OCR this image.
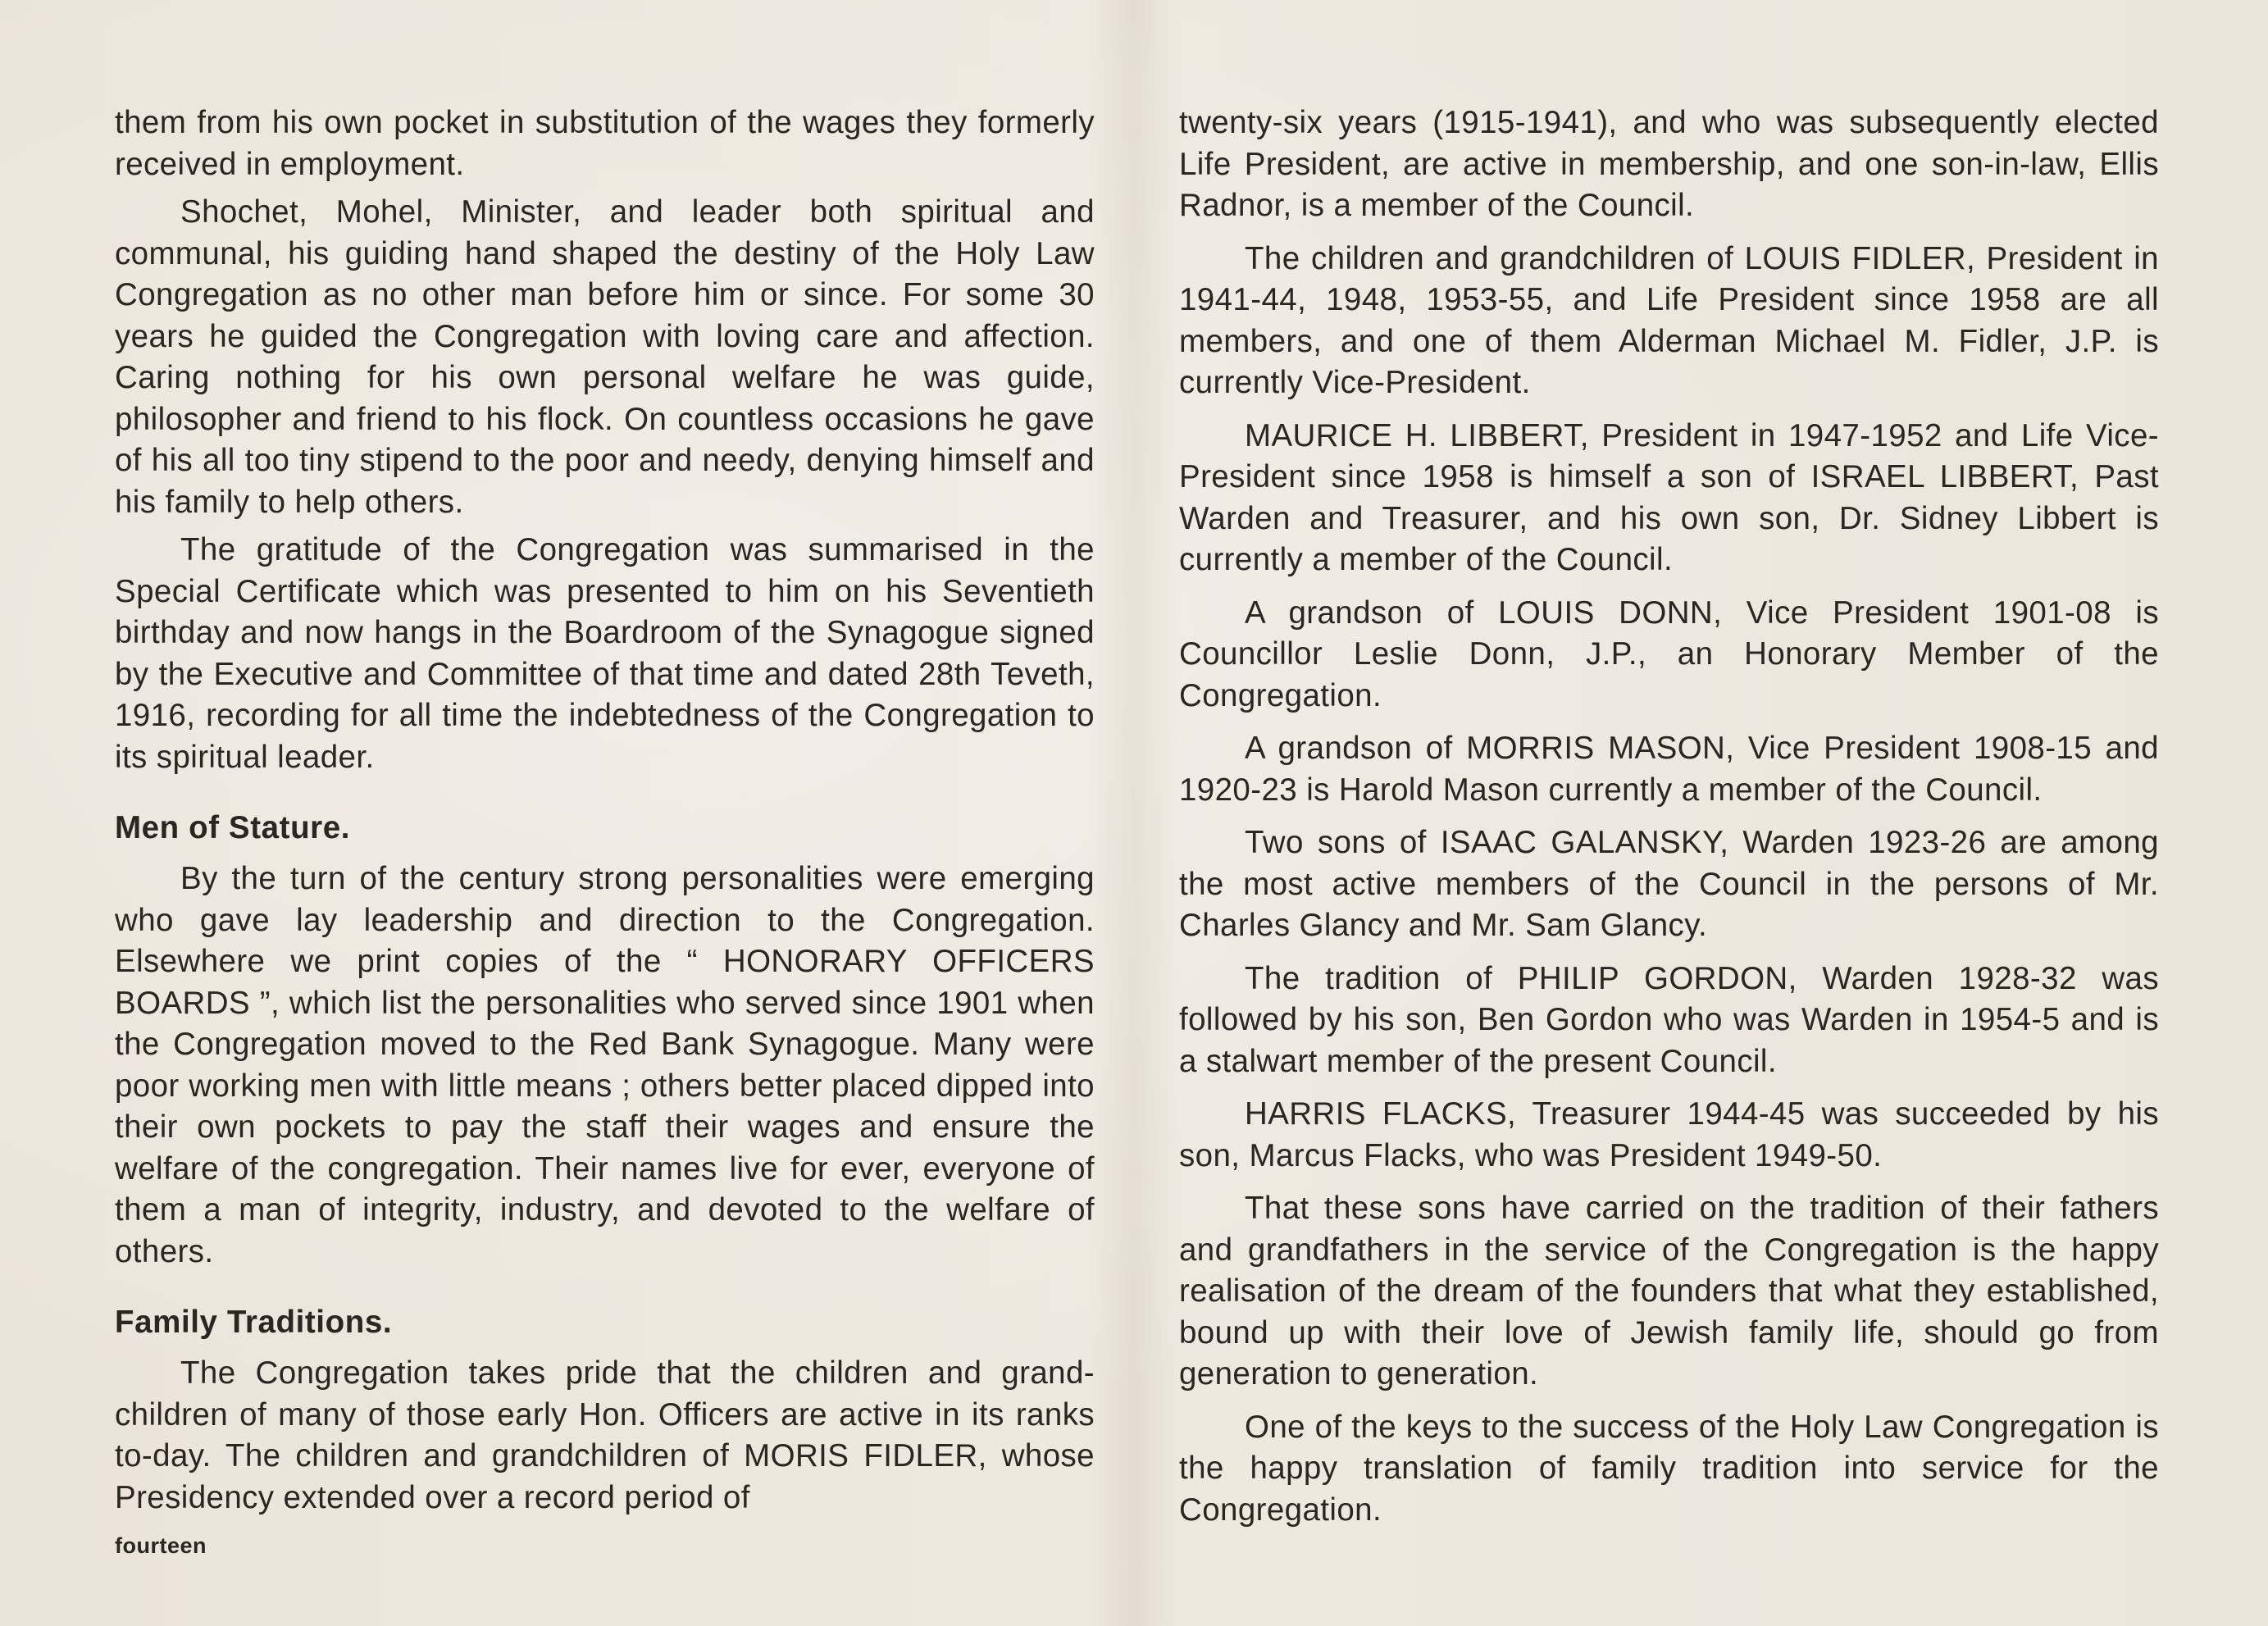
them from his own pocket in substitution of the wages they formerly received in employment.

Shochet, Mohel, Minister, and leader both spiritual and communal, his guiding hand shaped the destiny of the Holy Law Congregation as no other man before him or since. For some 30 years he guided the Congregation with loving care and affection. Caring nothing for his own personal welfare he was guide, philosopher and friend to his flock. On countless occasions he gave of his all too tiny stipend to the poor and needy, denying himself and his family to help others.

The gratitude of the Congregation was summarised in the Special Certificate which was presented to him on his Seventieth birthday and now hangs in the Boardroom of the Synagogue signed by the Executive and Committee of that time and dated 28th Teveth, 1916, recording for all time the indebtedness of the Congregation to its spiritual leader.

Men of Stature.

By the turn of the century strong personalities were emerging who gave lay leadership and direction to the Congregation. Elsewhere we print copies of the “ HONORARY OFFICERS BOARDS ”, which list the personalities who served since 1901 when the Congregation moved to the Red Bank Synagogue. Many were poor working men with little means ; others better placed dipped into their own pockets to pay the staff their wages and ensure the welfare of the congregation. Their names live for ever, everyone of them a man of integrity, industry, and devoted to the welfare of others.

Family Traditions.

The Congregation takes pride that the children and grand-children of many of those early Hon. Officers are active in its ranks to-day. The children and grandchildren of MORIS FIDLER, whose Presidency extended over a record period of

twenty-six years (1915-1941), and who was subsequently elected Life President, are active in membership, and one son-in-law, Ellis Radnor, is a member of the Council.

The children and grandchildren of LOUIS FIDLER, President in 1941-44, 1948, 1953-55, and Life President since 1958 are all members, and one of them Alderman Michael M. Fidler, J.P. is currently Vice-President.

MAURICE H. LIBBERT, President in 1947-1952 and Life Vice-President since 1958 is himself a son of ISRAEL LIBBERT, Past Warden and Treasurer, and his own son, Dr. Sidney Libbert is currently a member of the Council.

A grandson of LOUIS DONN, Vice President 1901-08 is Councillor Leslie Donn, J.P., an Honorary Member of the Congregation.

A grandson of MORRIS MASON, Vice President 1908-15 and 1920-23 is Harold Mason currently a member of the Council.

Two sons of ISAAC GALANSKY, Warden 1923-26 are among the most active members of the Council in the persons of Mr. Charles Glancy and Mr. Sam Glancy.

The tradition of PHILIP GORDON, Warden 1928-32 was followed by his son, Ben Gordon who was Warden in 1954-5 and is a stalwart member of the present Council.

HARRIS FLACKS, Treasurer 1944-45 was succeeded by his son, Marcus Flacks, who was President 1949-50.

That these sons have carried on the tradition of their fathers and grandfathers in the service of the Congregation is the happy realisation of the dream of the founders that what they established, bound up with their love of Jewish family life, should go from generation to generation.

One of the keys to the success of the Holy Law Congregation is the happy translation of family tradition into service for the Congregation.

fourteen
